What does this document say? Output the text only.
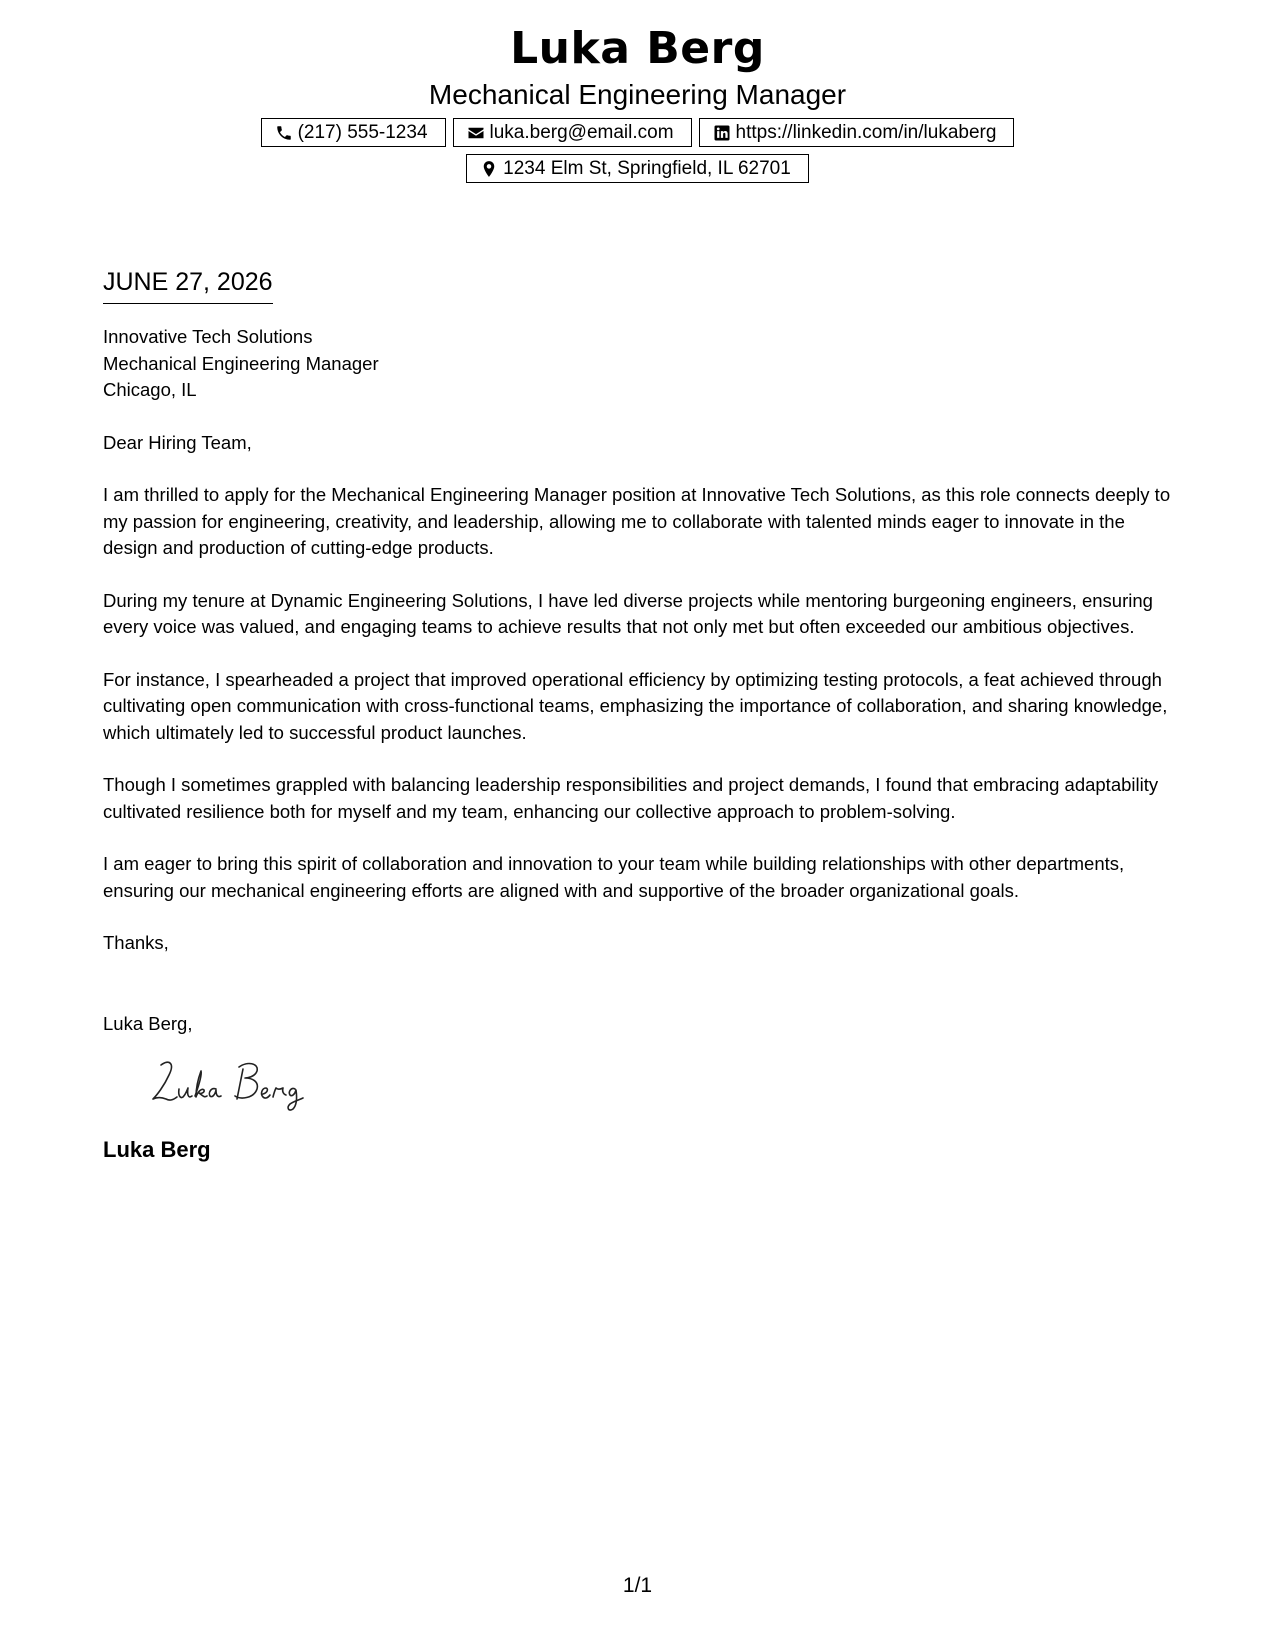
Luka Berg
Mechanical Engineering Manager
(217) 555-1234	luka.berg@email.com	https://linkedin.com/in/lukaberg
1234 Elm St, Springfield, IL 62701
JUNE 27, 2026
Innovative Tech Solutions
Mechanical Engineering Manager
Chicago, IL

Dear Hiring Team,

I am thrilled to apply for the Mechanical Engineering Manager position at Innovative Tech Solutions, as this role connects deeply to my passion for engineering, creativity, and leadership, allowing me to collaborate with talented minds eager to innovate in the design and production of cutting-edge products.

During my tenure at Dynamic Engineering Solutions, I have led diverse projects while mentoring burgeoning engineers, ensuring every voice was valued, and engaging teams to achieve results that not only met but often exceeded our ambitious objectives.

For instance, I spearheaded a project that improved operational efficiency by optimizing testing protocols, a feat achieved through cultivating open communication with cross-functional teams, emphasizing the importance of collaboration, and sharing knowledge, which ultimately led to successful product launches.

Though I sometimes grappled with balancing leadership responsibilities and project demands, I found that embracing adaptability cultivated resilience both for myself and my team, enhancing our collective approach to problem-solving.

I am eager to bring this spirit of collaboration and innovation to your team while building relationships with other departments, ensuring our mechanical engineering efforts are aligned with and supportive of the broader organizational goals.

Thanks,

Luka Berg,

Luka Berg
1/1
